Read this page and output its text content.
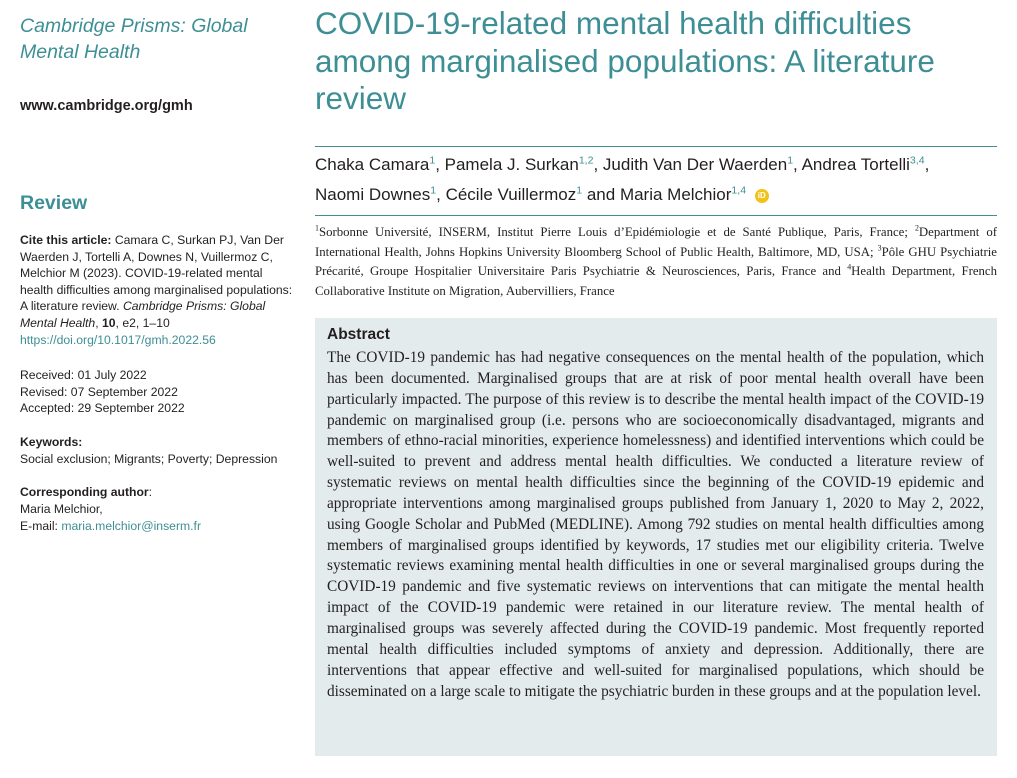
Cambridge Prisms: Global Mental Health
www.cambridge.org/gmh
Review
Cite this article: Camara C, Surkan PJ, Van Der Waerden J, Tortelli A, Downes N, Vuillermoz C, Melchior M (2023). COVID-19-related mental health difficulties among marginalised populations: A literature review. Cambridge Prisms: Global Mental Health, 10, e2, 1–10
https://doi.org/10.1017/gmh.2022.56
Received: 01 July 2022
Revised: 07 September 2022
Accepted: 29 September 2022
Keywords:
Social exclusion; Migrants; Poverty; Depression
Corresponding author:
Maria Melchior,
E-mail: maria.melchior@inserm.fr
COVID-19-related mental health difficulties among marginalised populations: A literature review
Chaka Camara$^1$, Pamela J. Surkan$^{1,2}$, Judith Van Der Waerden$^1$, Andrea Tortelli$^{3,4}$,
Naomi Downes$^1$, Cécile Vuillermoz$^1$ and Maria Melchior$^{1,4}$ iD
$^1$Sorbonne Université, INSERM, Institut Pierre Louis d’Epidémiologie et de Santé Publique, Paris, France; $^2$Department of International Health, Johns Hopkins University Bloomberg School of Public Health, Baltimore, MD, USA; $^3$Pôle GHU Psychiatrie Précarité, Groupe Hospitalier Universitaire Paris Psychiatrie & Neurosciences, Paris, France and $^4$Health Department, French Collaborative Institute on Migration, Aubervilliers, France
Abstract
The COVID-19 pandemic has had negative consequences on the mental health of the population, which has been documented. Marginalised groups that are at risk of poor mental health overall have been particularly impacted. The purpose of this review is to describe the mental health impact of the COVID-19 pandemic on marginalised group (i.e. persons who are socioeconomically disadvantaged, migrants and members of ethno-racial minorities, experience homelessness) and identified interventions which could be well-suited to prevent and address mental health difficulties. We conducted a literature review of systematic reviews on mental health difficulties since the beginning of the COVID-19 epidemic and appropriate interventions among marginalised groups published from January 1, 2020 to May 2, 2022, using Google Scholar and PubMed (MEDLINE). Among 792 studies on mental health difficulties among members of marginalised groups identified by keywords, 17 studies met our eligibility criteria. Twelve systematic reviews examining mental health difficulties in one or several marginalised groups during the COVID-19 pandemic and five systematic reviews on interventions that can mitigate the mental health impact of the COVID-19 pandemic were retained in our literature review. The mental health of marginalised groups was severely affected during the COVID-19 pandemic. Most frequently reported mental health difficulties included symptoms of anxiety and depression. Additionally, there are interventions that appear effective and well-suited for marginalised populations, which should be disseminated on a large scale to mitigate the psychiatric burden in these groups and at the population level.
